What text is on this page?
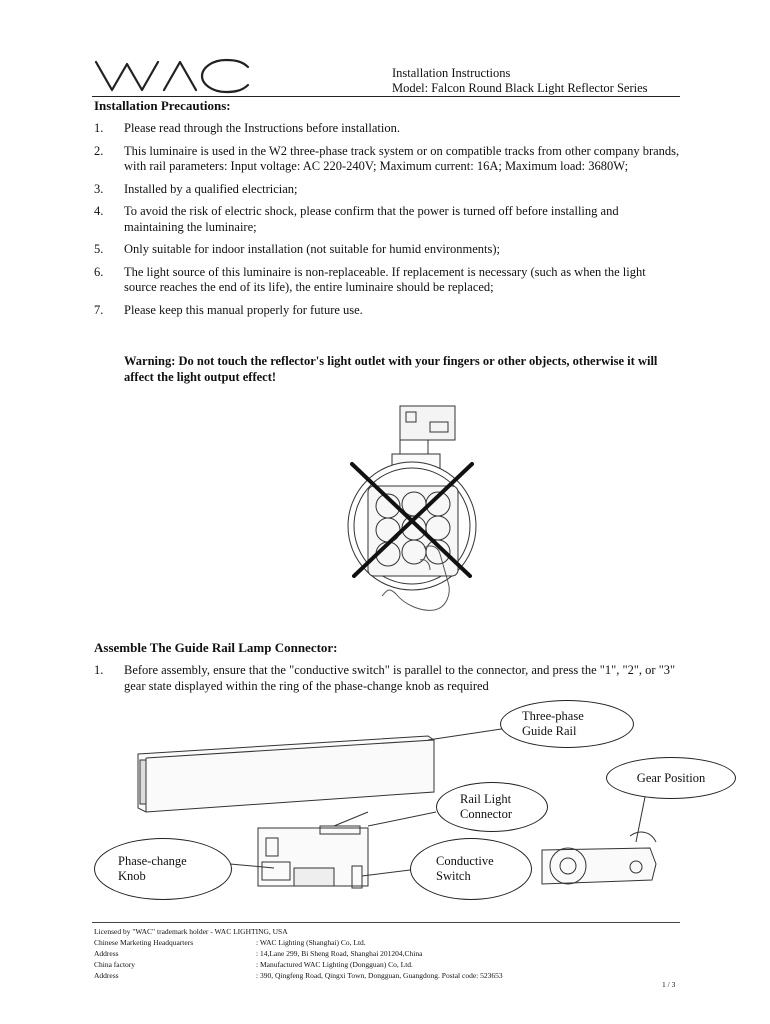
Installation Instructions
Model: Falcon Round Black Light Reflector Series
Installation Precautions:
1. Please read through the Instructions before installation.
2. This luminaire is used in the W2 three-phase track system or on compatible tracks from other company brands, with rail parameters: Input voltage: AC 220-240V; Maximum current: 16A; Maximum load: 3680W;
3. Installed by a qualified electrician;
4. To avoid the risk of electric shock, please confirm that the power is turned off before installing and maintaining the luminaire;
5. Only suitable for indoor installation (not suitable for humid environments);
6. The light source of this luminaire is non-replaceable. If replacement is necessary (such as when the light source reaches the end of its life), the entire luminaire should be replaced;
7. Please keep this manual properly for future use.

Warning: Do not touch the reflector's light outlet with your fingers or other objects, otherwise it will affect the light output effect!

Assemble The Guide Rail Lamp Connector:
1. Before assembly, ensure that the "conductive switch" is parallel to the connector, and press the "1", "2", or "3" gear state displayed within the ring of the phase-change knob as required
Three-phase Guide Rail
Gear Position
Rail Light Connector
Phase-change Knob
Conductive Switch
Licensed by "WAC" trademark holder - WAC LIGHTING, USA
Chinese Marketing Headquarters	: WAC Lighting (Shanghai) Co, Ltd.
Address	: 14,Lane 299, Bi Sheng Road, Shanghai 201204,China
China factory	: Manufactured WAC Lighting (Dongguan) Co, Ltd.
Address	: 390, Qingfeng Road, Qingxi Town, Dongguan, Guangdong. Postal code: 523653
1 / 3
